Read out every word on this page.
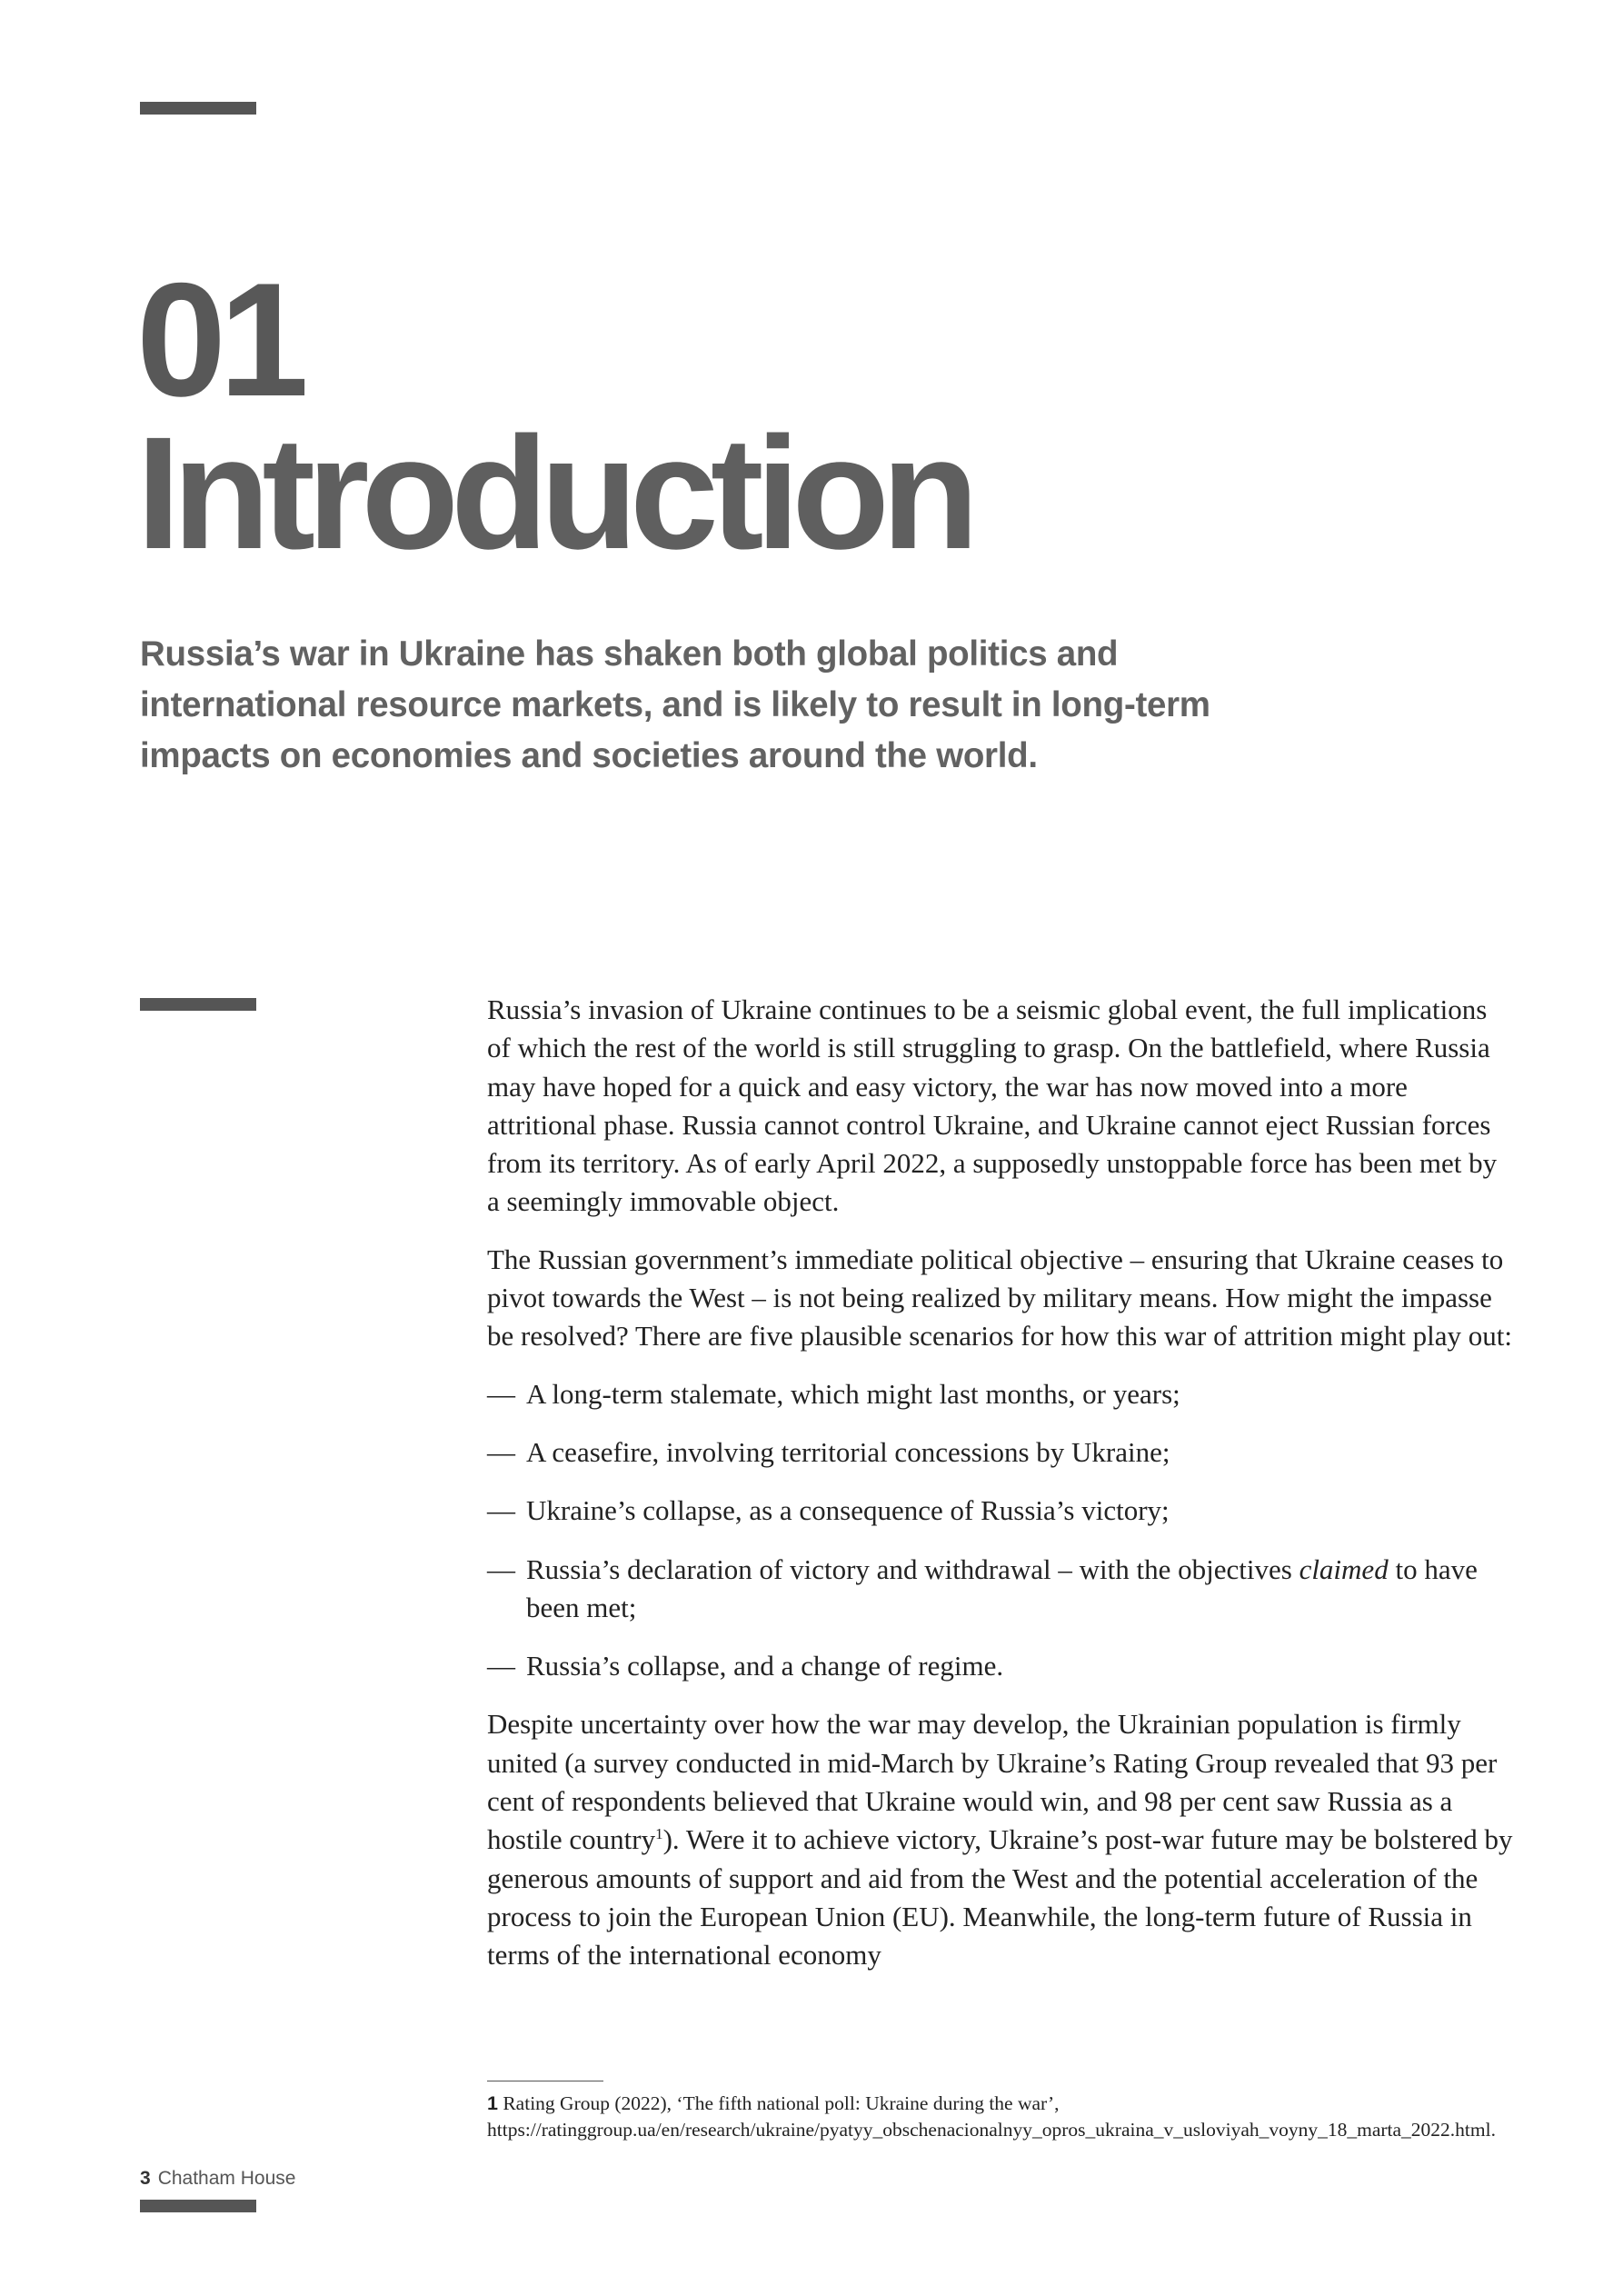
01
Introduction

Russia’s war in Ukraine has shaken both global politics and international resource markets, and is likely to result in long-term impacts on economies and societies around the world.

Russia’s invasion of Ukraine continues to be a seismic global event, the full implications of which the rest of the world is still struggling to grasp. On the battlefield, where Russia may have hoped for a quick and easy victory, the war has now moved into a more attritional phase. Russia cannot control Ukraine, and Ukraine cannot eject Russian forces from its territory. As of early April 2022, a supposedly unstoppable force has been met by a seemingly immovable object.

The Russian government’s immediate political objective – ensuring that Ukraine ceases to pivot towards the West – is not being realized by military means. How might the impasse be resolved? There are five plausible scenarios for how this war of attrition might play out:

— A long-term stalemate, which might last months, or years;
— A ceasefire, involving territorial concessions by Ukraine;
— Ukraine’s collapse, as a consequence of Russia’s victory;
— Russia’s declaration of victory and withdrawal – with the objectives claimed to have been met;
— Russia’s collapse, and a change of regime.

Despite uncertainty over how the war may develop, the Ukrainian population is firmly united (a survey conducted in mid-March by Ukraine’s Rating Group revealed that 93 per cent of respondents believed that Ukraine would win, and 98 per cent saw Russia as a hostile country$^1$). Were it to achieve victory, Ukraine’s post-war future may be bolstered by generous amounts of support and aid from the West and the potential acceleration of the process to join the European Union (EU). Meanwhile, the long-term future of Russia in terms of the international economy

1 Rating Group (2022), ‘The fifth national poll: Ukraine during the war’, https://ratinggroup.ua/en/research/ukraine/pyatyy_obschenacionalnyy_opros_ukraina_v_usloviyah_voyny_18_marta_2022.html.
3 Chatham House
